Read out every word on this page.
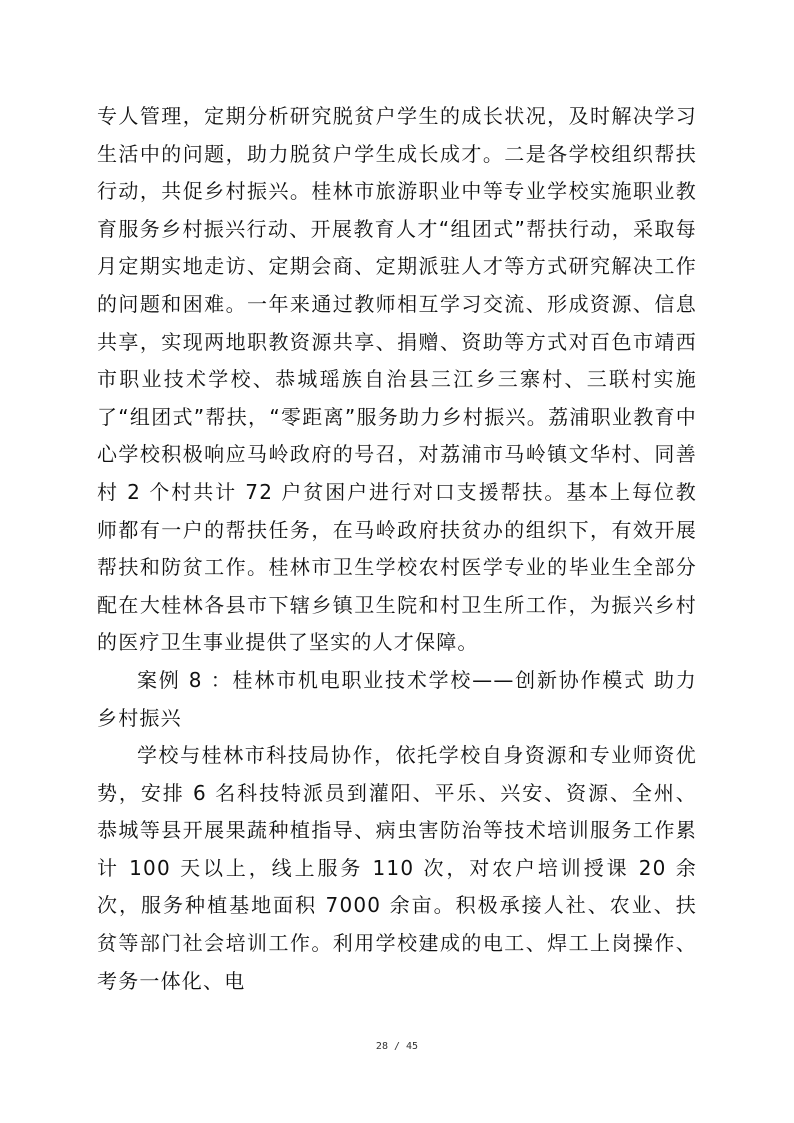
专人管理，定期分析研究脱贫户学生的成长状况，及时解决学习生活中的问题，助力脱贫户学生成长成才。二是各学校组织帮扶行动，共促乡村振兴。桂林市旅游职业中等专业学校实施职业教育服务乡村振兴行动、开展教育人才“组团式”帮扶行动，采取每月定期实地走访、定期会商、定期派驻人才等方式研究解决工作的问题和困难。一年来通过教师相互学习交流、形成资源、信息共享，实现两地职教资源共享、捐赠、资助等方式对百色市靖西市职业技术学校、恭城瑶族自治县三江乡三寨村、三联村实施了“组团式”帮扶，“零距离”服务助力乡村振兴。荔浦职业教育中心学校积极响应马岭政府的号召，对荔浦市马岭镇文华村、同善村 2 个村共计 72 户贫困户进行对口支援帮扶。基本上每位教师都有一户的帮扶任务，在马岭政府扶贫办的组织下，有效开展帮扶和防贫工作。桂林市卫生学校农村医学专业的毕业生全部分配在大桂林各县市下辖乡镇卫生院和村卫生所工作，为振兴乡村的医疗卫生事业提供了坚实的人才保障。

案例 8 ：桂林市机电职业技术学校——创新协作模式 助力乡村振兴

学校与桂林市科技局协作，依托学校自身资源和专业师资优势，安排 6 名科技特派员到灌阳、平乐、兴安、资源、全州、恭城等县开展果蔬种植指导、病虫害防治等技术培训服务工作累计 100 天以上，线上服务 110 次，对农户培训授课 20 余次，服务种植基地面积 7000 余亩。积极承接人社、农业、扶贫等部门社会培训工作。利用学校建成的电工、焊工上岗操作、考务一体化、电

28 / 45
